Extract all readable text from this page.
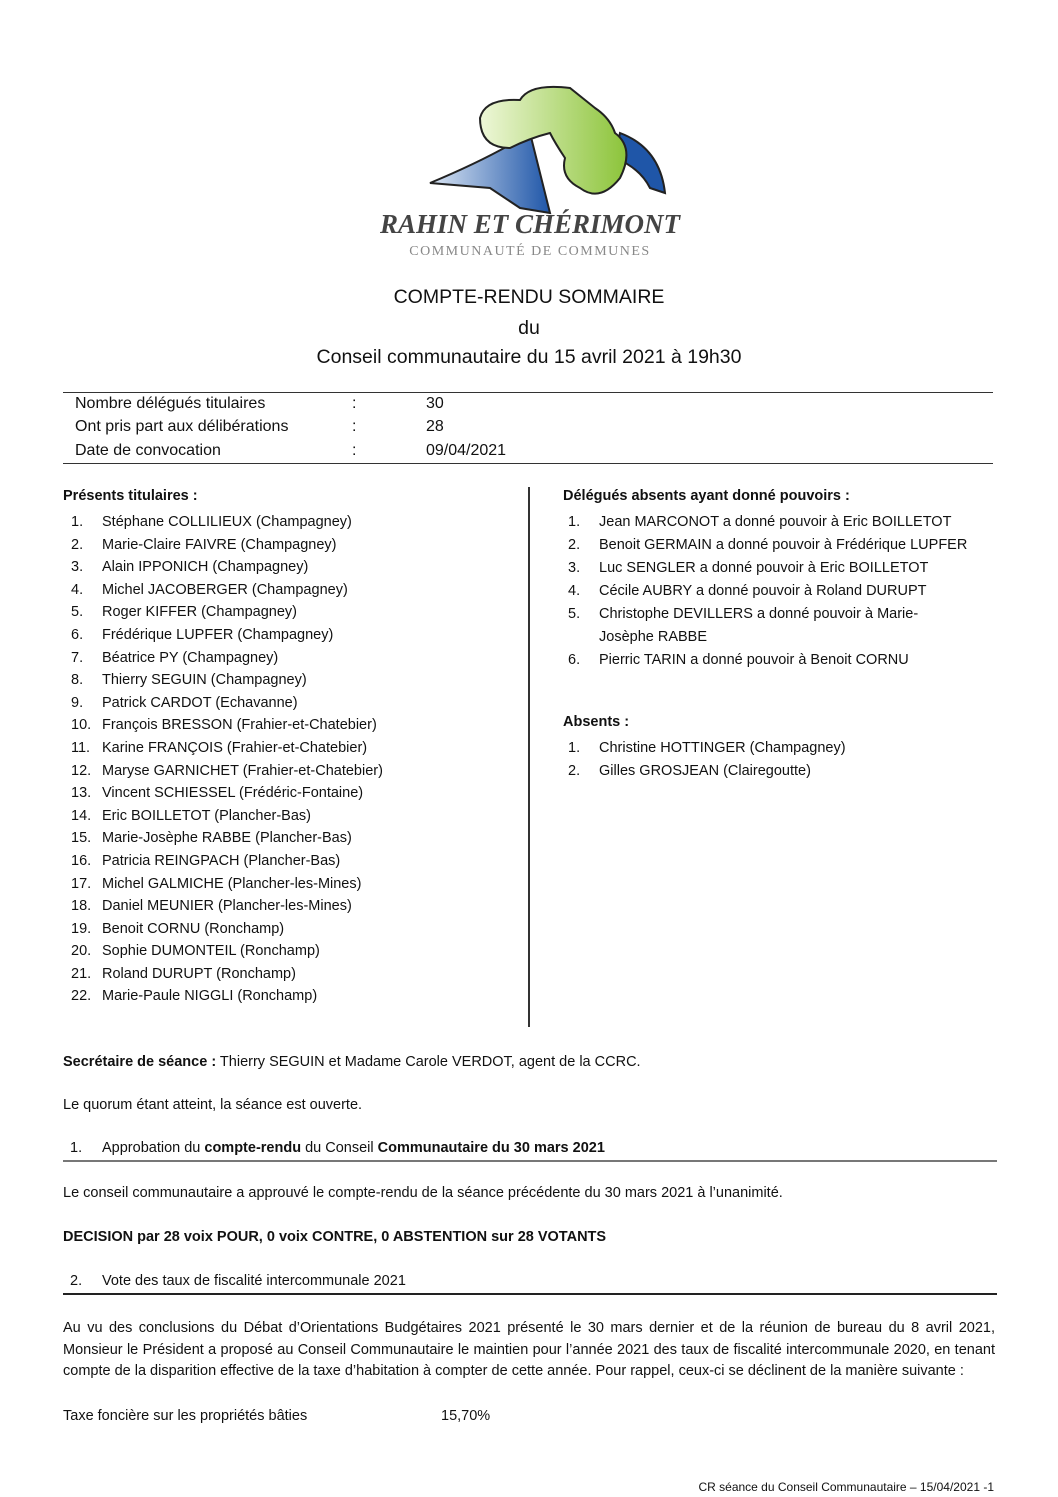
RAHIN ET CHÉRIMONT
COMMUNAUTÉ DE COMMUNES
COMPTE-RENDU SOMMAIRE
du
Conseil communautaire du 15 avril 2021 à 19h30
Nombre délégués titulaires	:	30
Ont pris part aux délibérations	:	28
Date de convocation	:	09/04/2021
Présents titulaires :
1. Stéphane COLLILIEUX (Champagney)
2. Marie-Claire FAIVRE (Champagney)
3. Alain IPPONICH (Champagney)
4. Michel JACOBERGER (Champagney)
5. Roger KIFFER (Champagney)
6. Frédérique LUPFER (Champagney)
7. Béatrice PY (Champagney)
8. Thierry SEGUIN (Champagney)
9. Patrick CARDOT (Echavanne)
10. François BRESSON (Frahier-et-Chatebier)
11. Karine FRANÇOIS (Frahier-et-Chatebier)
12. Maryse GARNICHET (Frahier-et-Chatebier)
13. Vincent SCHIESSEL (Frédéric-Fontaine)
14. Eric BOILLETOT (Plancher-Bas)
15. Marie-Josèphe RABBE (Plancher-Bas)
16. Patricia REINGPACH (Plancher-Bas)
17. Michel GALMICHE (Plancher-les-Mines)
18. Daniel MEUNIER (Plancher-les-Mines)
19. Benoit CORNU (Ronchamp)
20. Sophie DUMONTEIL (Ronchamp)
21. Roland DURUPT (Ronchamp)
22. Marie-Paule NIGGLI (Ronchamp)
Délégués absents ayant donné pouvoirs :
1. Jean MARCONOT a donné pouvoir à Eric BOILLETOT
2. Benoit GERMAIN a donné pouvoir à Frédérique LUPFER
3. Luc SENGLER a donné pouvoir à Eric BOILLETOT
4. Cécile AUBRY a donné pouvoir à Roland DURUPT
5. Christophe DEVILLERS a donné pouvoir à Marie-
Josèphe RABBE
6. Pierric TARIN a donné pouvoir à Benoit CORNU
Absents :
1. Christine HOTTINGER (Champagney)
2. Gilles GROSJEAN (Clairegoutte)
Secrétaire de séance : Thierry SEGUIN et Madame Carole VERDOT, agent de la CCRC.
Le quorum étant atteint, la séance est ouverte.
1. Approbation du compte-rendu du Conseil Communautaire du 30 mars 2021
Le conseil communautaire a approuvé le compte-rendu de la séance précédente du 30 mars 2021 à l’unanimité.
DECISION par 28 voix POUR, 0 voix CONTRE, 0 ABSTENTION sur 28 VOTANTS
2. Vote des taux de fiscalité intercommunale 2021
Au vu des conclusions du Débat d’Orientations Budgétaires 2021 présenté le 30 mars dernier et de la réunion de bureau du 8 avril 2021, Monsieur le Président a proposé au Conseil Communautaire le maintien pour l’année 2021 des taux de fiscalité intercommunale 2020, en tenant compte de la disparition effective de la taxe d’habitation à compter de cette année. Pour rappel, ceux-ci se déclinent de la manière suivante :
Taxe foncière sur les propriétés bâties	15,70%
CR séance du Conseil Communautaire – 15/04/2021 -1
